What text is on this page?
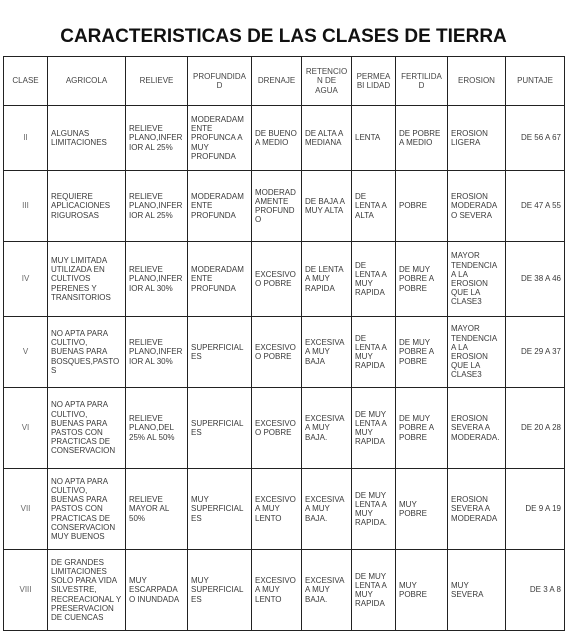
CARACTERISTICAS DE LAS CLASES DE TIERRA
CLASE	AGRICOLA	RELIEVE	PROFUNDIDAD	DRENAJE	RETENCION DE AGUA	PERMEABI LIDAD	FERTILIDAD	EROSION	PUNTAJE
II	ALGUNAS LIMITACIONES	RELIEVE PLANO,INFERIOR AL 25%	MODERADAMENTE PROFUNCA A MUY PROFUNDA	DE BUENO A MEDIO	DE ALTA A MEDIANA	LENTA	DE POBRE A MEDIO	EROSION LIGERA	DE 56 A 67
III	REQUIERE APLICACIONES RIGUROSAS	RELIEVE PLANO,INFERIOR AL 25%	MODERADAMENTE PROFUNDA	MODERADAMENTE PROFUNDO	DE BAJA A MUY ALTA	DE LENTA A ALTA	POBRE	EROSION MODERADA O SEVERA	DE 47 A 55
IV	MUY LIMITADA UTILIZADA EN CULTIVOS PERENES Y TRANSITORIOS	RELIEVE PLANO,INFERIOR AL 30%	MODERADAMENTE PROFUNDA	EXCESIVO O POBRE	DE LENTA A MUY RAPIDA	DE LENTA A MUY RAPIDA	DE MUY POBRE A POBRE	MAYOR TENDENCIA A LA EROSION QUE LA CLASE3	DE 38 A 46
V	NO APTA PARA CULTIVO, BUENAS PARA BOSQUES,PASTOS	RELIEVE PLANO,INFERIOR AL 30%	SUPERFICIALES	EXCESIVO O POBRE	EXCESIVA A MUY BAJA	DE LENTA A MUY RAPIDA	DE MUY POBRE A POBRE	MAYOR TENDENCIA A LA EROSION QUE LA CLASE3	DE 29 A 37
VI	NO APTA PARA CULTIVO, BUENAS PARA PASTOS CON PRACTICAS DE CONSERVACION	RELIEVE PLANO,DEL 25% AL 50%	SUPERFICIALES	EXCESIVO O POBRE	EXCESIVA A MUY BAJA.	DE MUY LENTA A MUY RAPIDA	DE MUY POBRE A POBRE	EROSION SEVERA A MODERADA.	DE 20 A 28
VII	NO APTA PARA CULTIVO, BUENAS PARA PASTOS CON PRACTICAS DE CONSERVACION MUY BUENOS	RELIEVE MAYOR AL 50%	MUY SUPERFICIALES	EXCESIVO A MUY LENTO	EXCESIVA A MUY BAJA.	DE MUY LENTA A MUY RAPIDA.	MUY POBRE	EROSION SEVERA A MODERADA	DE 9 A 19
VIII	DE GRANDES LIMITACIONES SOLO PARA VIDA SILVESTRE, RECREACIONAL Y PRESERVACION DE CUENCAS	MUY ESCARPADA O INUNDADA	MUY SUPERFICIALES	EXCESIVO A MUY LENTO	EXCESIVA A MUY BAJA.	DE MUY LENTA A MUY RAPIDA	MUY POBRE	MUY SEVERA	DE 3 A 8
